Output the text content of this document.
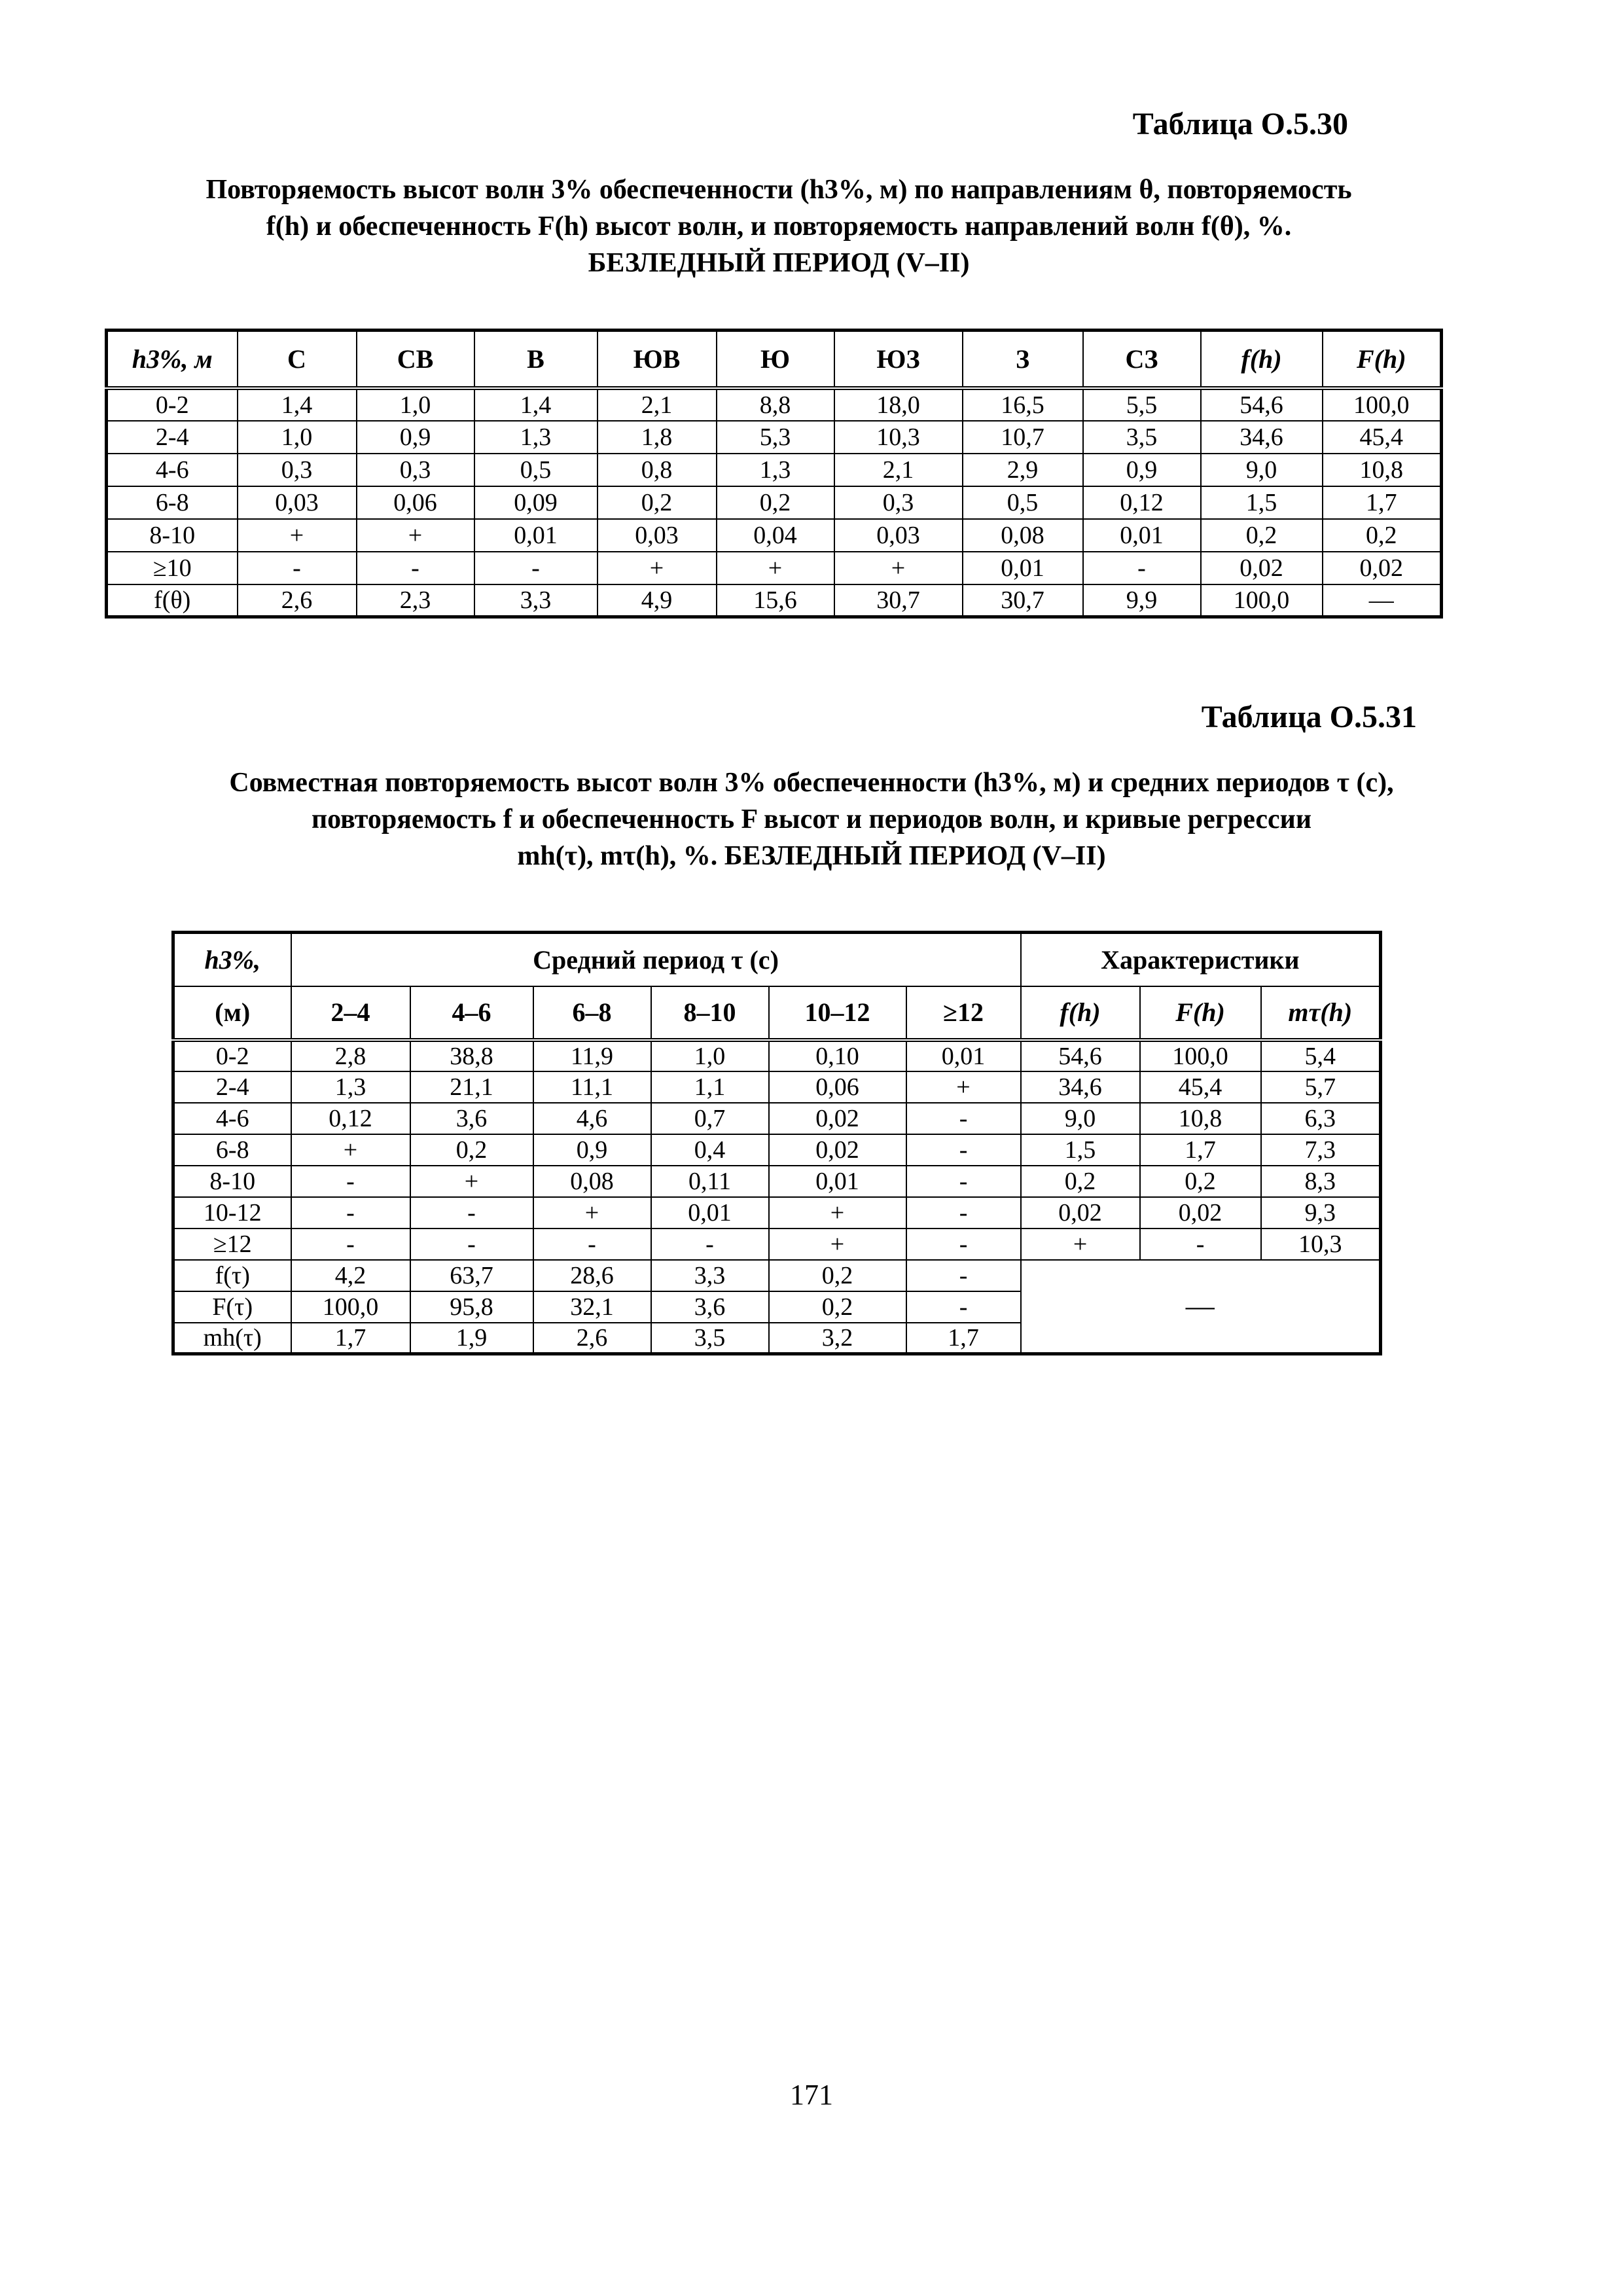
Таблица О.5.30
Повторяемость высот волн 3% обеспеченности (h3%, м) по направлениям θ, повторяемость
f(h) и обеспеченность F(h) высот волн, и повторяемость направлений волн f(θ), %.
БЕЗЛЕДНЫЙ ПЕРИОД (V–II)
h3%, м	С	СВ	В	ЮВ	Ю	ЮЗ	З	СЗ	f(h)	F(h)
0-2	1,4	1,0	1,4	2,1	8,8	18,0	16,5	5,5	54,6	100,0
2-4	1,0	0,9	1,3	1,8	5,3	10,3	10,7	3,5	34,6	45,4
4-6	0,3	0,3	0,5	0,8	1,3	2,1	2,9	0,9	9,0	10,8
6-8	0,03	0,06	0,09	0,2	0,2	0,3	0,5	0,12	1,5	1,7
8-10	+	+	0,01	0,03	0,04	0,03	0,08	0,01	0,2	0,2
≥10	-	-	-	+	+	+	0,01	-	0,02	0,02
f(θ)	2,6	2,3	3,3	4,9	15,6	30,7	30,7	9,9	100,0	—
Таблица О.5.31
Совместная повторяемость высот волн 3% обеспеченности (h3%, м) и средних периодов τ (с),
повторяемость f и обеспеченность F высот и периодов волн, и кривые регрессии
mh(τ), mτ(h), %. БЕЗЛЕДНЫЙ ПЕРИОД (V–II)
h3%,	Средний период τ (с)						Характеристики		
(м)	2–4	4–6	6–8	8–10	10–12	≥12	f(h)	F(h)	mτ(h)
0-2	2,8	38,8	11,9	1,0	0,10	0,01	54,6	100,0	5,4
2-4	1,3	21,1	11,1	1,1	0,06	+	34,6	45,4	5,7
4-6	0,12	3,6	4,6	0,7	0,02	-	9,0	10,8	6,3
6-8	+	0,2	0,9	0,4	0,02	-	1,5	1,7	7,3
8-10	-	+	0,08	0,11	0,01	-	0,2	0,2	8,3
10-12	-	-	+	0,01	+	-	0,02	0,02	9,3
≥12	-	-	-	-	+	-	+	-	10,3
f(τ)	4,2	63,7	28,6	3,3	0,2	-	—		
F(τ)	100,0	95,8	32,1	3,6	0,2	-			
mh(τ)	1,7	1,9	2,6	3,5	3,2	1,7			
171
